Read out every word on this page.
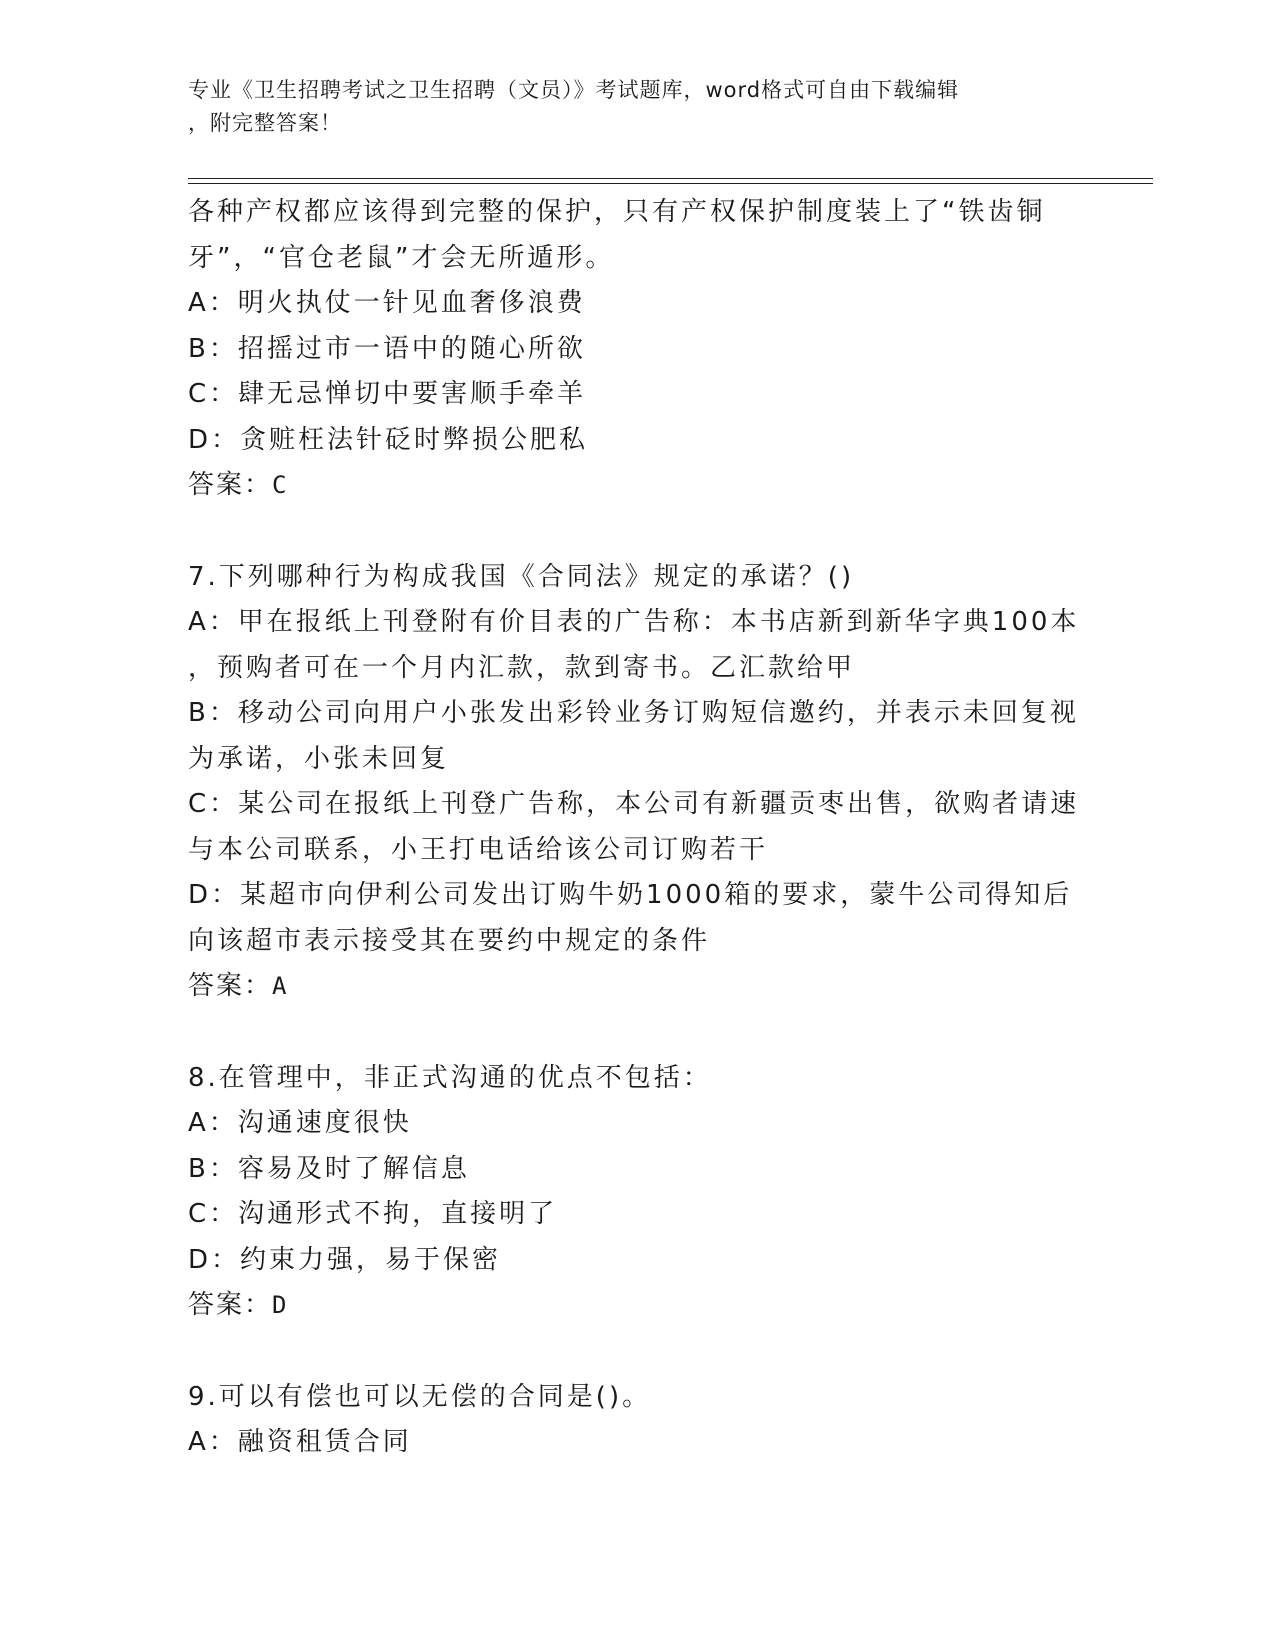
专业《卫生招聘考试之卫生招聘（文员）》考试题库，word格式可自由下载编辑
，附完整答案！
各种产权都应该得到完整的保护，只有产权保护制度装上了“铁齿铜
牙”，“官仓老鼠”才会无所遁形。
A：明火执仗一针见血奢侈浪费
B：招摇过市一语中的随心所欲
C：肆无忌惮切中要害顺手牵羊
D：贪赃枉法针砭时弊损公肥私
答案：C
7.下列哪种行为构成我国《合同法》规定的承诺？()
A：甲在报纸上刊登附有价目表的广告称：本书店新到新华字典100本
，预购者可在一个月内汇款，款到寄书。乙汇款给甲
B：移动公司向用户小张发出彩铃业务订购短信邀约，并表示未回复视
为承诺，小张未回复
C：某公司在报纸上刊登广告称，本公司有新疆贡枣出售，欲购者请速
与本公司联系，小王打电话给该公司订购若干
D：某超市向伊利公司发出订购牛奶1000箱的要求，蒙牛公司得知后
向该超市表示接受其在要约中规定的条件
答案：A
8.在管理中，非正式沟通的优点不包括：
A：沟通速度很快
B：容易及时了解信息
C：沟通形式不拘，直接明了
D：约束力强，易于保密
答案：D
9.可以有偿也可以无偿的合同是()。
A：融资租赁合同
